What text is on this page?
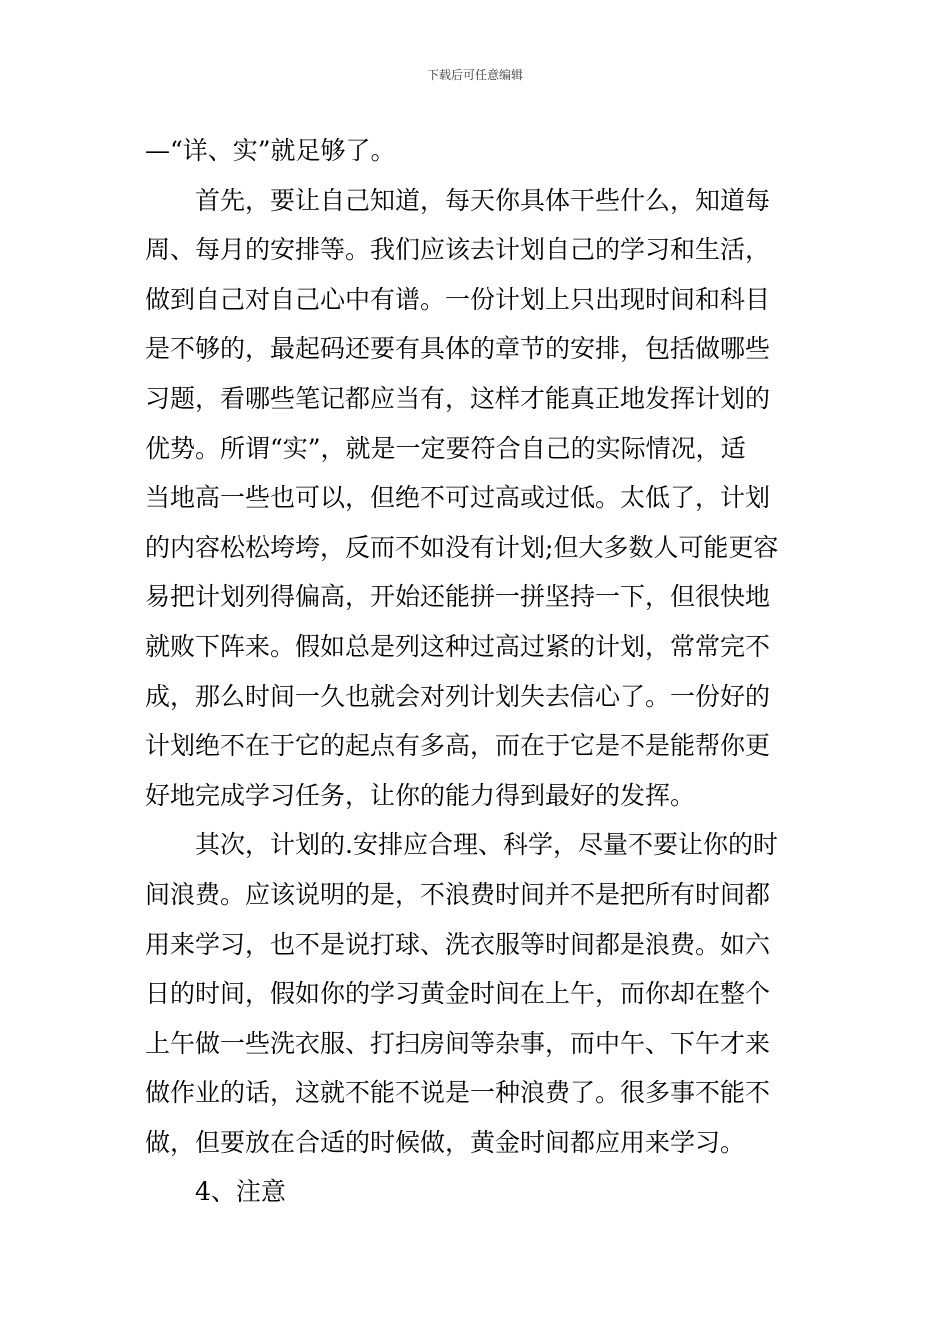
下载后可任意编辑
—“详、实”就足够了。
首先，要让自己知道，每天你具体干些什么，知道每
周、每月的安排等。我们应该去计划自己的学习和生活，
做到自己对自己心中有谱。一份计划上只出现时间和科目
是不够的，最起码还要有具体的章节的安排，包括做哪些
习题，看哪些笔记都应当有，这样才能真正地发挥计划的
优势。所谓“实”，就是一定要符合自己的实际情况，适
当地高一些也可以，但绝不可过高或过低。太低了，计划
的内容松松垮垮，反而不如没有计划;但大多数人可能更容
易把计划列得偏高，开始还能拼一拼坚持一下，但很快地
就败下阵来。假如总是列这种过高过紧的计划，常常完不
成，那么时间一久也就会对列计划失去信心了。一份好的
计划绝不在于它的起点有多高，而在于它是不是能帮你更
好地完成学习任务，让你的能力得到最好的发挥。
其次，计划的.安排应合理、科学，尽量不要让你的时
间浪费。应该说明的是，不浪费时间并不是把所有时间都
用来学习，也不是说打球、洗衣服等时间都是浪费。如六
日的时间，假如你的学习黄金时间在上午，而你却在整个
上午做一些洗衣服、打扫房间等杂事，而中午、下午才来
做作业的话，这就不能不说是一种浪费了。很多事不能不
做，但要放在合适的时候做，黄金时间都应用来学习。
4、注意
